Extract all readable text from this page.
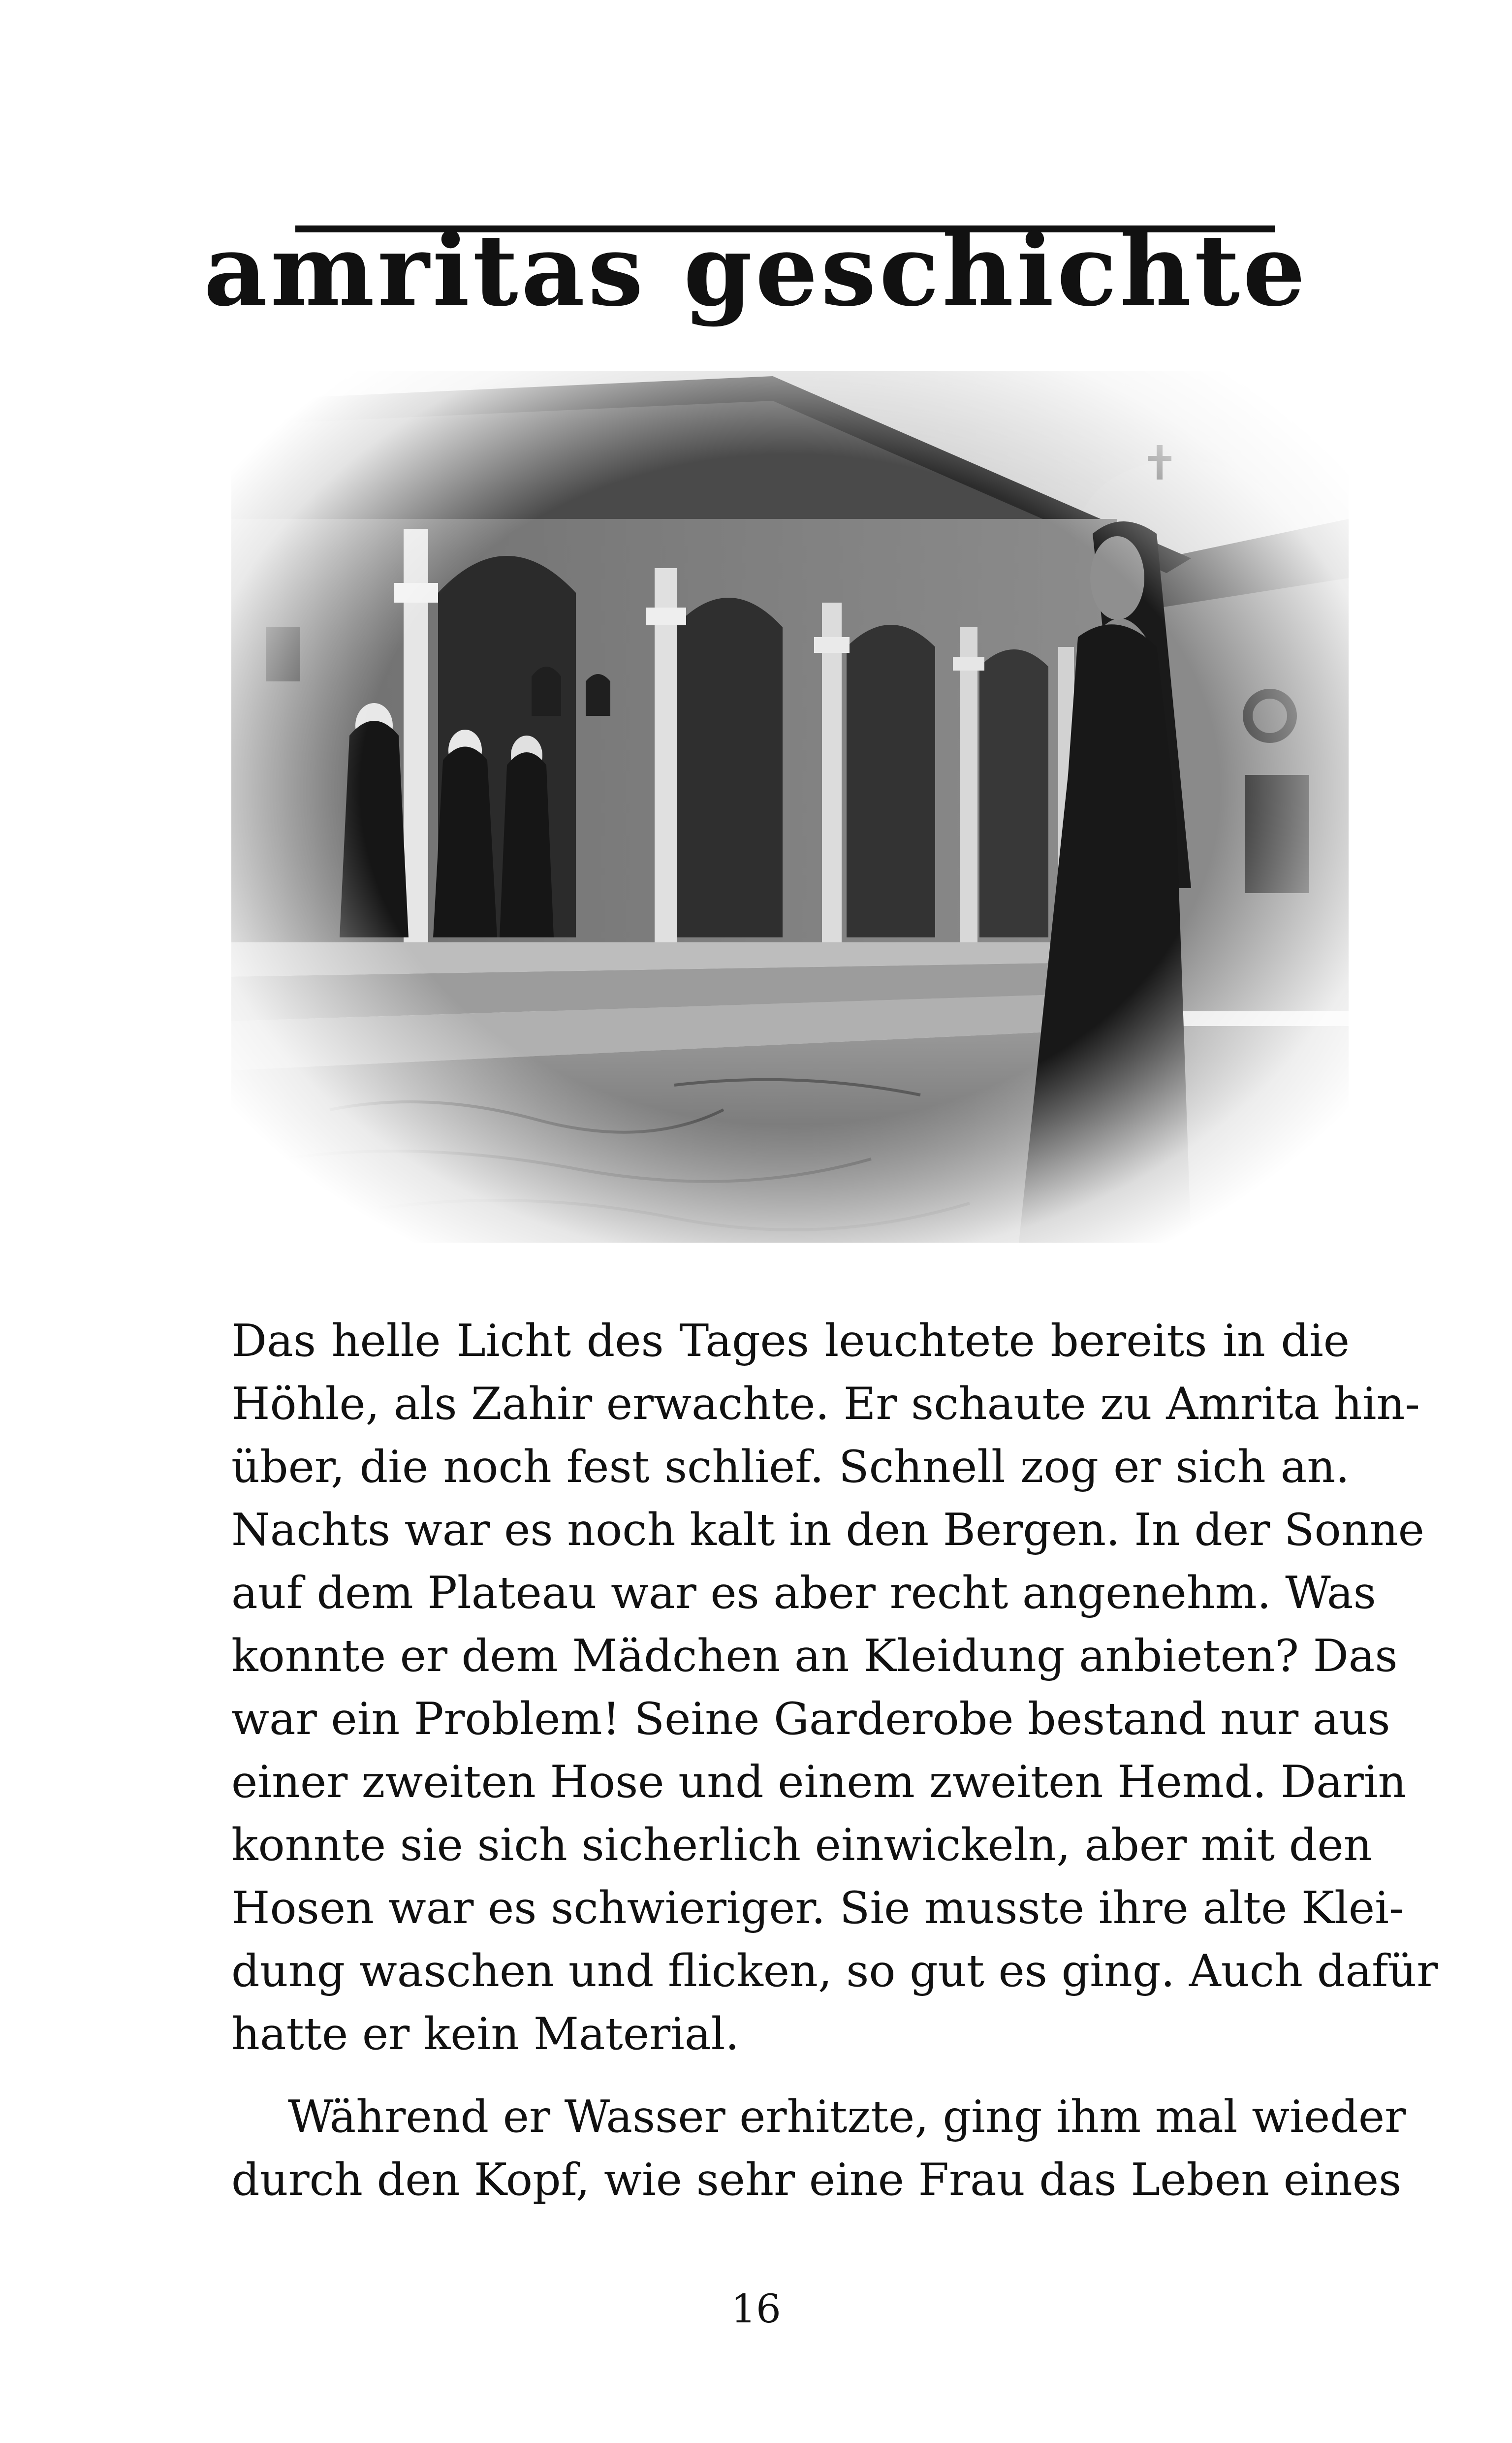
amritas geschichte
Das helle Licht des Tages leuchtete bereits in die
Höhle, als Zahir erwachte. Er schaute zu Amrita hin-
über, die noch fest schlief. Schnell zog er sich an.
Nachts war es noch kalt in den Bergen. In der Sonne
auf dem Plateau war es aber recht angenehm. Was
konnte er dem Mädchen an Kleidung anbieten? Das
war ein Problem! Seine Garderobe bestand nur aus
einer zweiten Hose und einem zweiten Hemd. Darin
konnte sie sich sicherlich einwickeln, aber mit den
Hosen war es schwieriger. Sie musste ihre alte Klei-
dung waschen und flicken, so gut es ging. Auch dafür
hatte er kein Material.
Während er Wasser erhitzte, ging ihm mal wieder
durch den Kopf, wie sehr eine Frau das Leben eines
16
